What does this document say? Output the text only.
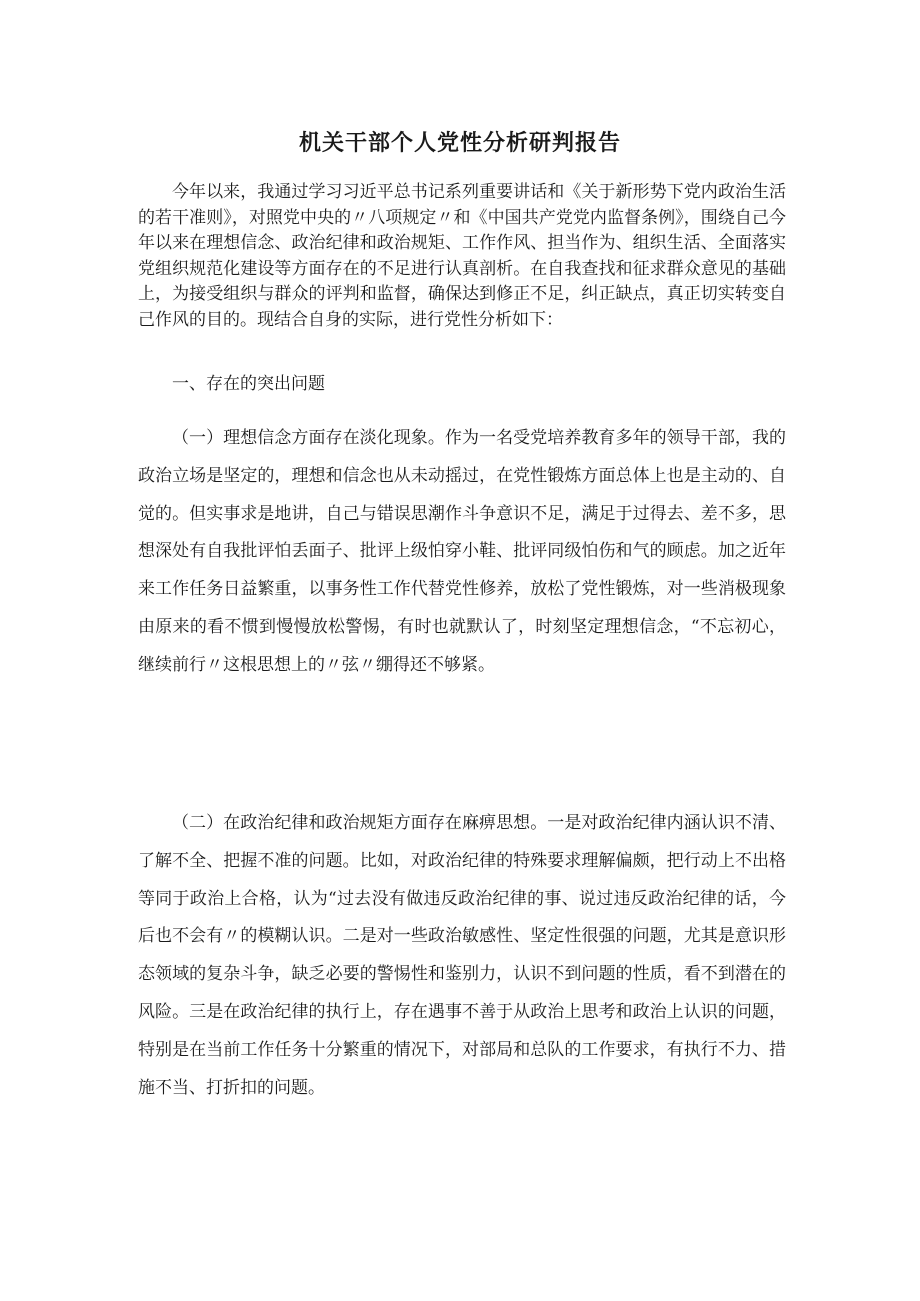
机关干部个人党性分析研判报告

今年以来，我通过学习习近平总书记系列重要讲话和《关于新形势下党内政治生活的若干准则》，对照党中央的〃八项规定〃和《中国共产党党内监督条例》，围绕自己今年以来在理想信念、政治纪律和政治规矩、工作作风、担当作为、组织生活、全面落实党组织规范化建设等方面存在的不足进行认真剖析。在自我查找和征求群众意见的基础上，为接受组织与群众的评判和监督，确保达到修正不足，纠正缺点，真正切实转变自己作风的目的。现结合自身的实际，进行党性分析如下：

一、存在的突出问题

（一）理想信念方面存在淡化现象。作为一名受党培养教育多年的领导干部，我的政治立场是坚定的，理想和信念也从未动摇过，在党性锻炼方面总体上也是主动的、自觉的。但实事求是地讲，自己与错误思潮作斗争意识不足，满足于过得去、差不多，思想深处有自我批评怕丢面子、批评上级怕穿小鞋、批评同级怕伤和气的顾虑。加之近年来工作任务日益繁重，以事务性工作代替党性修养，放松了党性锻炼，对一些消极现象由原来的看不惯到慢慢放松警惕，有时也就默认了，时刻坚定理想信念，“不忘初心，继续前行〃这根思想上的〃弦〃绷得还不够紧。

（二）在政治纪律和政治规矩方面存在麻痹思想。一是对政治纪律内涵认识不清、了解不全、把握不准的问题。比如，对政治纪律的特殊要求理解偏颇，把行动上不出格等同于政治上合格，认为“过去没有做违反政治纪律的事、说过违反政治纪律的话，今后也不会有〃的模糊认识。二是对一些政治敏感性、坚定性很强的问题，尤其是意识形态领域的复杂斗争，缺乏必要的警惕性和鉴别力，认识不到问题的性质，看不到潜在的风险。三是在政治纪律的执行上，存在遇事不善于从政治上思考和政治上认识的问题，特别是在当前工作任务十分繁重的情况下，对部局和总队的工作要求，有执行不力、措施不当、打折扣的问题。
